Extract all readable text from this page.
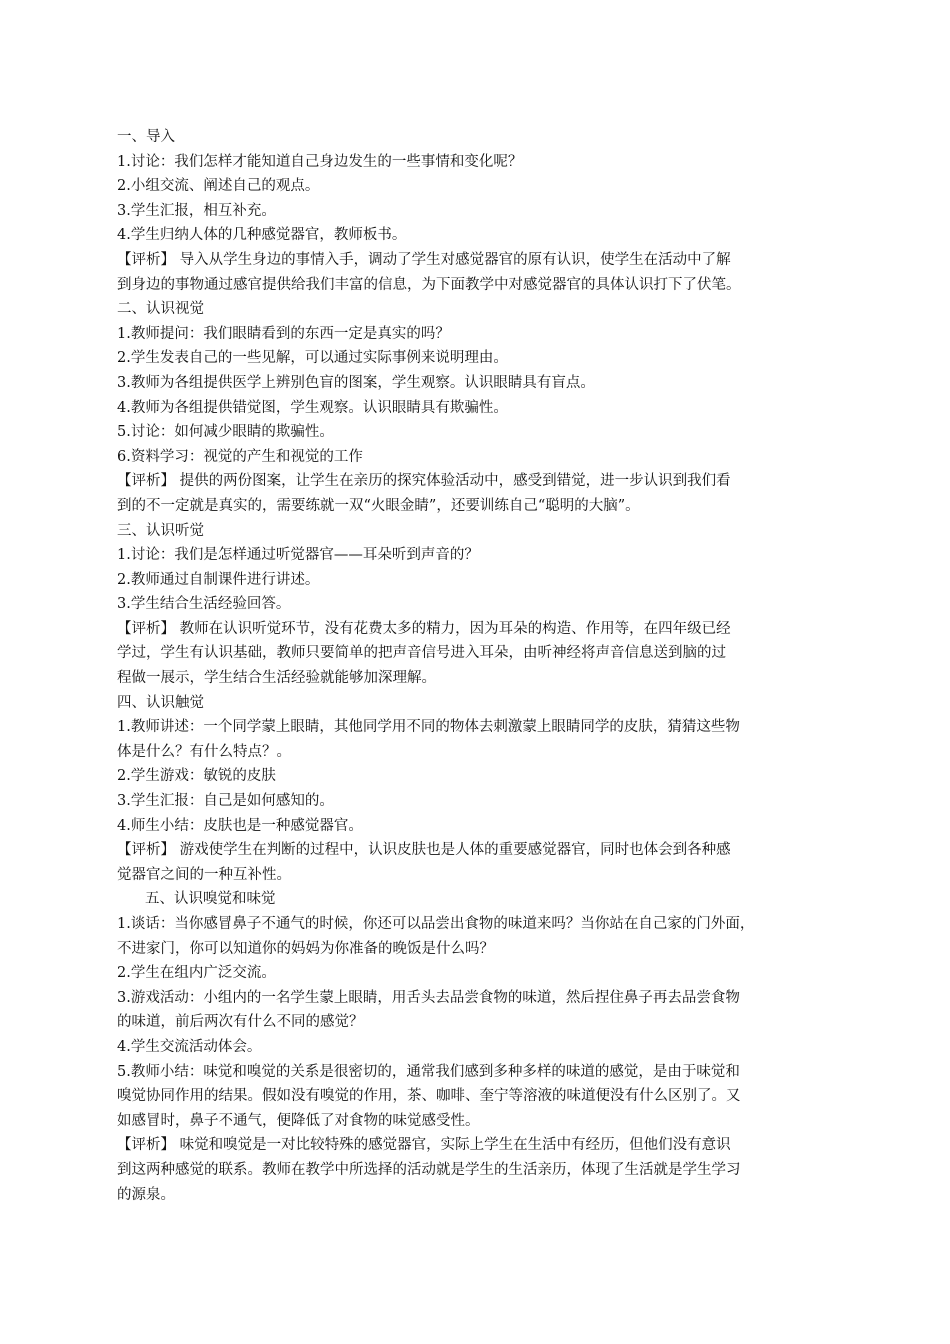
一、导入
1.讨论：我们怎样才能知道自己身边发生的一些事情和变化呢？
2.小组交流、阐述自己的观点。
3.学生汇报，相互补充。
4.学生归纳人体的几种感觉器官，教师板书。
【评析】 导入从学生身边的事情入手，调动了学生对感觉器官的原有认识，使学生在活动中了解
到身边的事物通过感官提供给我们丰富的信息，为下面教学中对感觉器官的具体认识打下了伏笔。
二、认识视觉
1.教师提问：我们眼睛看到的东西一定是真实的吗？
2.学生发表自己的一些见解，可以通过实际事例来说明理由。
3.教师为各组提供医学上辨别色盲的图案，学生观察。认识眼睛具有盲点。
4.教师为各组提供错觉图，学生观察。认识眼睛具有欺骗性。
5.讨论：如何减少眼睛的欺骗性。
6.资料学习：视觉的产生和视觉的工作
【评析】 提供的两份图案，让学生在亲历的探究体验活动中，感受到错觉，进一步认识到我们看
到的不一定就是真实的，需要练就一双“火眼金睛”，还要训练自己“聪明的大脑”。
三、认识听觉
1.讨论：我们是怎样通过听觉器官——耳朵听到声音的？
2.教师通过自制课件进行讲述。
3.学生结合生活经验回答。
【评析】 教师在认识听觉环节，没有花费太多的精力，因为耳朵的构造、作用等，在四年级已经
学过，学生有认识基础，教师只要简单的把声音信号进入耳朵，由听神经将声音信息送到脑的过
程做一展示，学生结合生活经验就能够加深理解。
四、认识触觉
1.教师讲述：一个同学蒙上眼睛，其他同学用不同的物体去刺激蒙上眼睛同学的皮肤，猜猜这些物
体是什么？有什么特点？。
2.学生游戏：敏锐的皮肤
3.学生汇报：自己是如何感知的。
4.师生小结：皮肤也是一种感觉器官。
【评析】 游戏使学生在判断的过程中，认识皮肤也是人体的重要感觉器官，同时也体会到各种感
觉器官之间的一种互补性。
五、认识嗅觉和味觉
1.谈话：当你感冒鼻子不通气的时候，你还可以品尝出食物的味道来吗？当你站在自己家的门外面，
不进家门，你可以知道你的妈妈为你准备的晚饭是什么吗？
2.学生在组内广泛交流。
3.游戏活动：小组内的一名学生蒙上眼睛，用舌头去品尝食物的味道，然后捏住鼻子再去品尝食物
的味道，前后两次有什么不同的感觉？
4.学生交流活动体会。
5.教师小结：味觉和嗅觉的关系是很密切的，通常我们感到多种多样的味道的感觉，是由于味觉和
嗅觉协同作用的结果。假如没有嗅觉的作用，茶、咖啡、奎宁等溶液的味道便没有什么区别了。又
如感冒时，鼻子不通气，便降低了对食物的味觉感受性。
【评析】 味觉和嗅觉是一对比较特殊的感觉器官，实际上学生在生活中有经历，但他们没有意识
到这两种感觉的联系。教师在教学中所选择的活动就是学生的生活亲历，体现了生活就是学生学习
的源泉。
